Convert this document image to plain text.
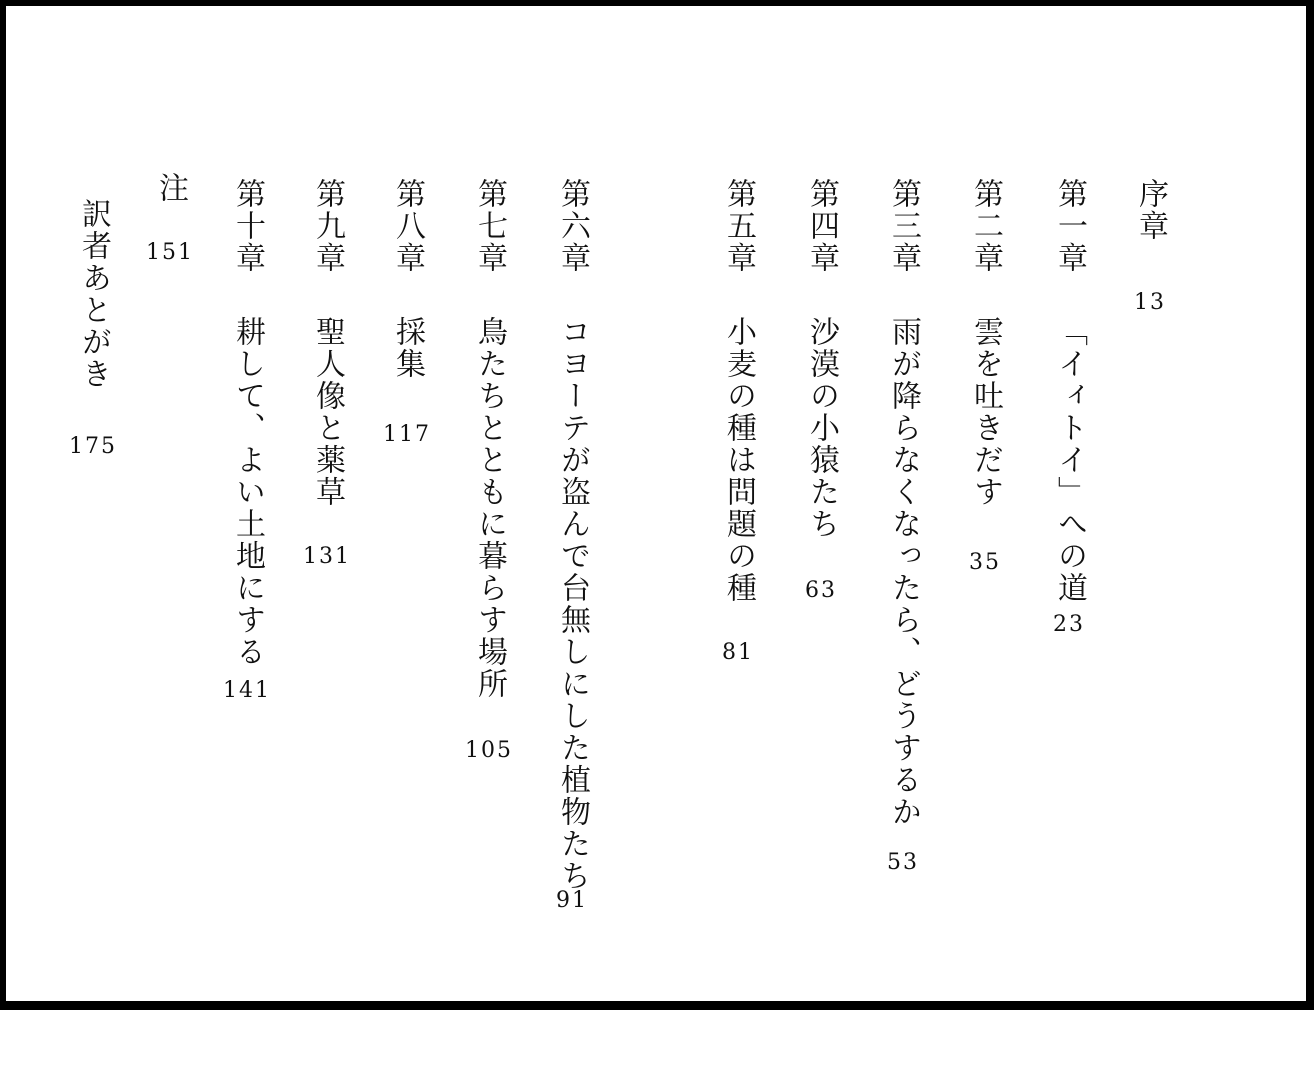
序章
13
第一章
「イィトイ」への道
23
第二章
雲を吐きだす
35
第三章
雨が降らなくなったら、どうするか
53
第四章
沙漠の小猿たち
63
第五章
小麦の種は問題の種
81
第六章
コヨーテが盗んで台無しにした植物たち
91
第七章
鳥たちとともに暮らす場所
105
第八章
採集
117
第九章
聖人像と薬草
131
第十章
耕して、よい土地にする
141
注
151
訳者あとがき
175
